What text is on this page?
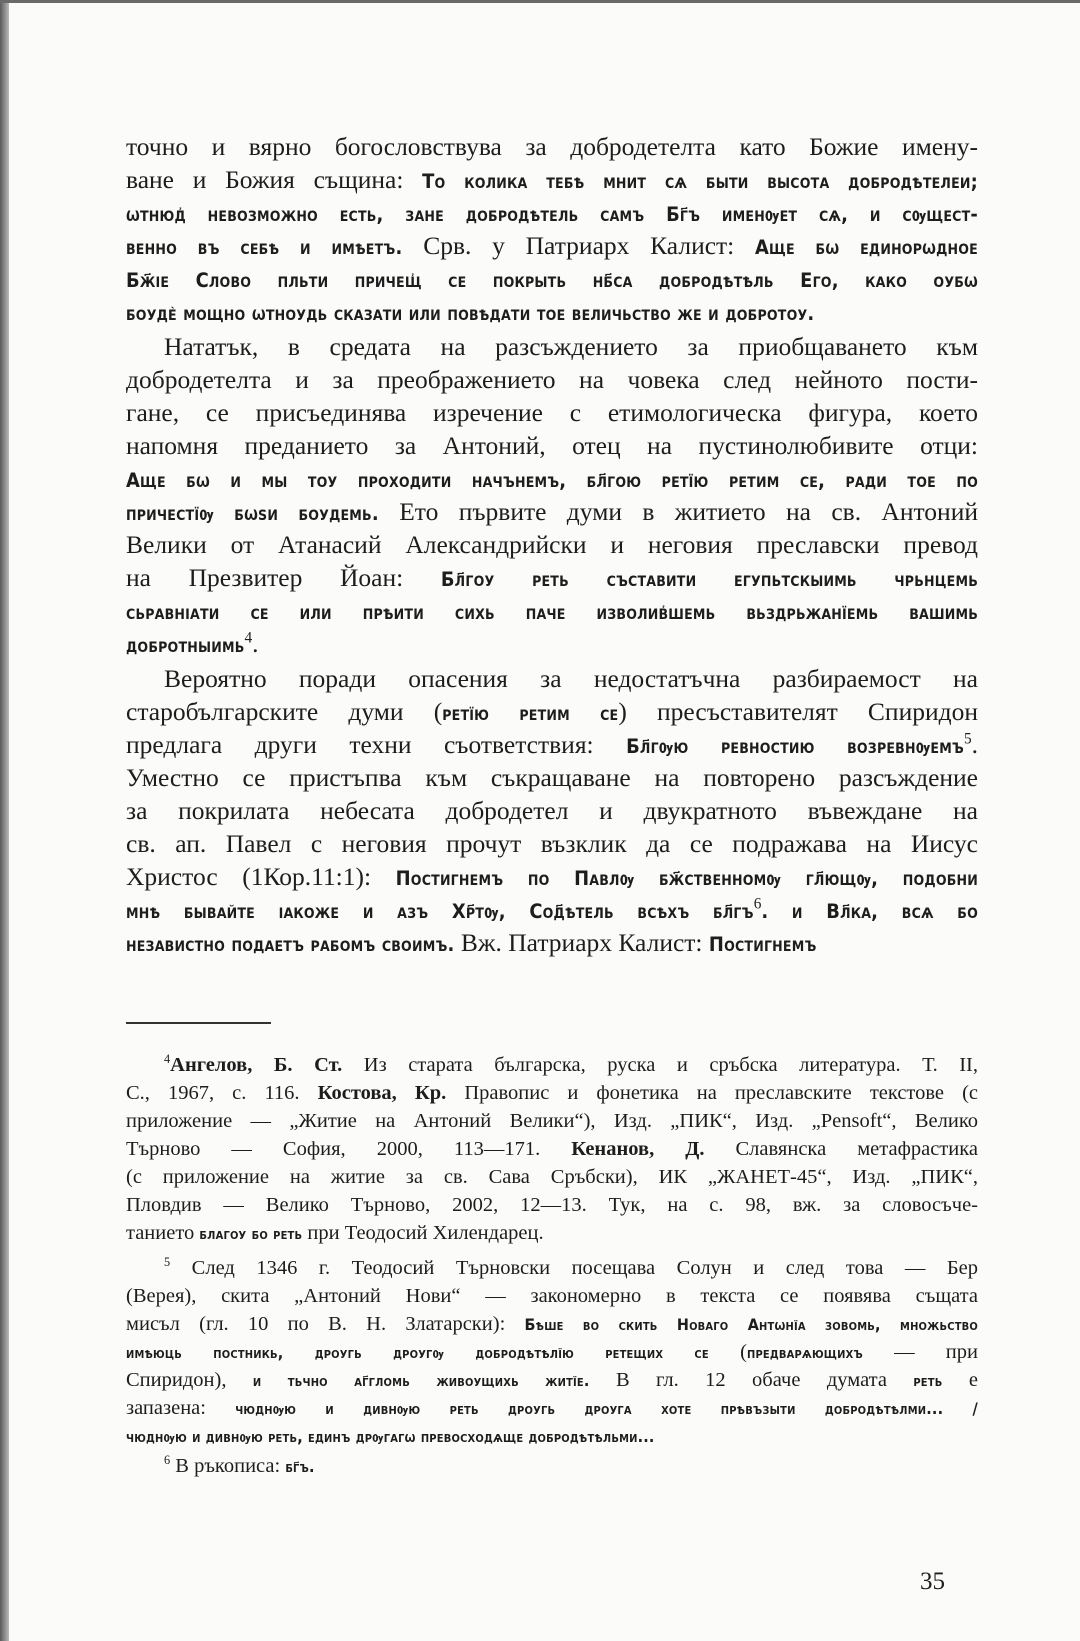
точно и вярно богословствува за добродетелта като Божие имену-
ване и Божия същина: То колика тебѣ мнит сѧ быти высота добродѣтелеи;
ѡтнюд҆ невозможно есть, зане добродѣтель самъ Бг҃ъ именѹет сѧ, и сѹщест-
венно въ себѣ и имѣетъ. Срв. у Патриарх Калист: Аще бѡ единорѡдное
Бж҃іе Слово пльти причещ҆ се покрыть нб҃са добродѣтѣль Его, како оубѡ
боудѐ мощно ѡтноудь сказати или повѣдати тое величьство же и добротоу.
Нататък, в средата на разсъждението за приобщаването към
добродетелта и за преображението на човека след нейното пости-
гане, се присъединява изречение с етимологическа фигура, което
напомня преданието за Антоний, отец на пустинолюбивите отци:
Аще бѡ и мы тоу проходити начънемъ, бл҃гою ретїю ретим се, ради тое по
причестїѹ бѡѕи боудемь. Ето първите думи в житието на св. Антоний
Велики от Атанасий Александрийски и неговия преславски превод
на Презвитер Йоан: Бл҃гоу реть съставити егупьтскыимь чрьнцемь
сьравнıати се или прѣити сихь паче изволив҆шемь вьздрьжанїемь вашимь
добротныимь$^4$.
Вероятно поради опасения за недостатъчна разбираемост на
старобългарските думи (ретїю ретим се) пресъставителят Спиридон
предлага други техни съответствия: Бл҃гѹю ревностию возревнѹемъ$^5$.
Уместно се пристъпва към съкращаване на повторено разсъждение
за покрилата небесата добродетел и двукратното въвеждане на
св. ап. Павел с неговия прочут възклик да се подражава на Иисус
Христос (1Кор.11:1): Постигнемъ по Павлѹ бж҃ственномѹ гл҃ющѹ, подобни
мнѣ бывайте ıакоже и азъ Хр҃тѹ, Сод҃ѣтель всѣхъ $бл҃гъ^6$. и Вл҃ка, всѧ бо
независтно подаетъ рабомъ своимъ. Вж. Патриарх Калист: Постигнемъ
$^4$Ангелов, Б. Ст. Из старата българска, руска и сръбска литература. Т. II,
С., 1967, с. 116. Костова, Кр. Правопис и фонетика на преславските текстове (с
приложение — „Житие на Антоний Велики“), Изд. „ПИК“, Изд. „Pensoft“, Велико
Търново — София, 2000, 113—171. Кенанов, Д. Славянска метафрастика
(с приложение на житие за св. Сава Сръбски), ИК „ЖАНЕТ-45“, Изд. „ПИК“,
Пловдив — Велико Търново, 2002, 12—13. Тук, на с. 98, вж. за словосъче-
танието благоу бо реть при Теодосий Хилендарец.
$^5$ След 1346 г. Теодосий Търновски посещава Солун и след това — Бер
(Верея), скита „Антоний Нови“ — закономерно в текста се появява същата
мисъл (гл. 10 по В. Н. Златарски): Бѣше во скить Новаго Антѡнїа зовомь, множьство
имѣюць постникь, дроугь дроугѹ добродѣтѣлїю ретещих се (предварѧющихъ — при
Спиридон), и тьчно аг҃гломь живоущихь житїе. В гл. 12 обаче думата реть е
запазена: чюднѹю и дивнѹю реть дроугь дроуга хоте прѣвъзыти добродѣтѣлми... /
чюднѹю и дивнѹю реть, единъ дрѹгагѡ превосходѧще добродѣтѣльми...
$^6$ В ръкописа: бг҃ъ.
35
